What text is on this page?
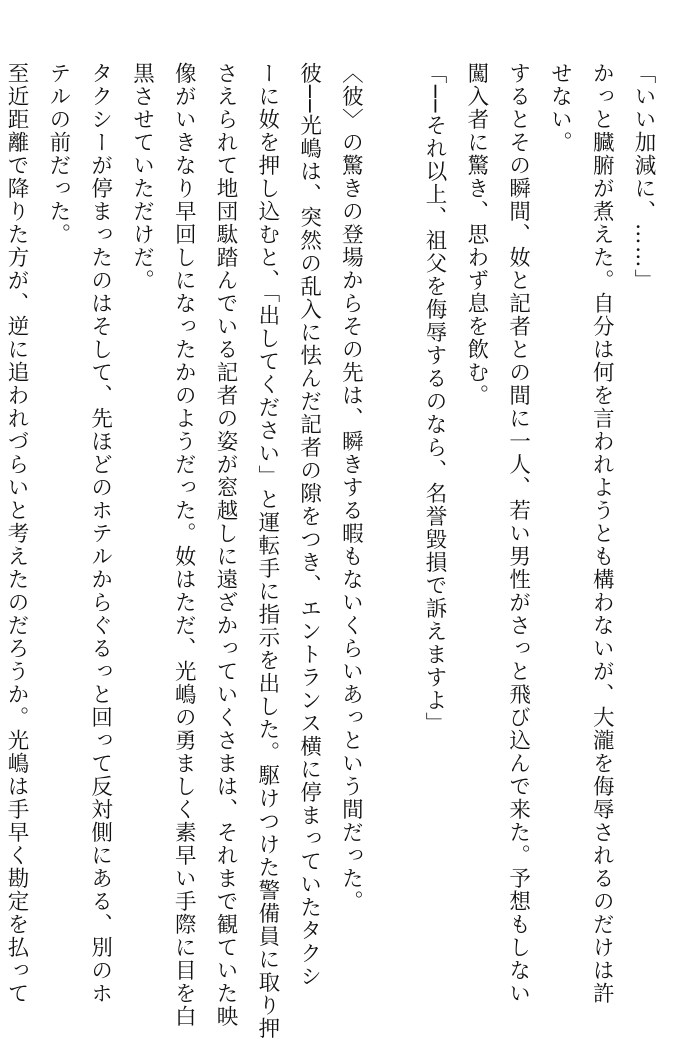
「いい加減に、……」

かっと臓腑が煮えた。自分は何を言われようとも構わないが、大瀧を侮辱されるのだけは許

せない。

するとその瞬間、奻と記者との間に一人、若い男性がさっと飛び込んで来た。予想もしない

闖入者に驚き、思わず息を飲む。

「──それ以上、祖父を侮辱するのなら、名誉毀損で訴えますよ」

〈彼〉の驚きの登場からその先は、瞬きする暇もないくらいあっという間だった。

彼──光嶋は、突然の乱入に怯んだ記者の隙をつき、エントランス横に停まっていたタクシ

ーに奻を押し込むと、「出してください」と運転手に指示を出した。駆けつけた警備員に取り押

さえられて地団駄踏んでいる記者の姿が窓越しに遠ざかっていくさまは、それまで観ていた映

像がいきなり早回しになったかのようだった。奻はただ、光嶋の勇ましく素早い手際に目を白

黒させていただけだ。

タクシーが停まったのはそして、先ほどのホテルからぐるっと回って反対側にある、別のホ

テルの前だった。

至近距離で降りた方が、逆に追われづらいと考えたのだろうか。光嶋は手早く勘定を払って
